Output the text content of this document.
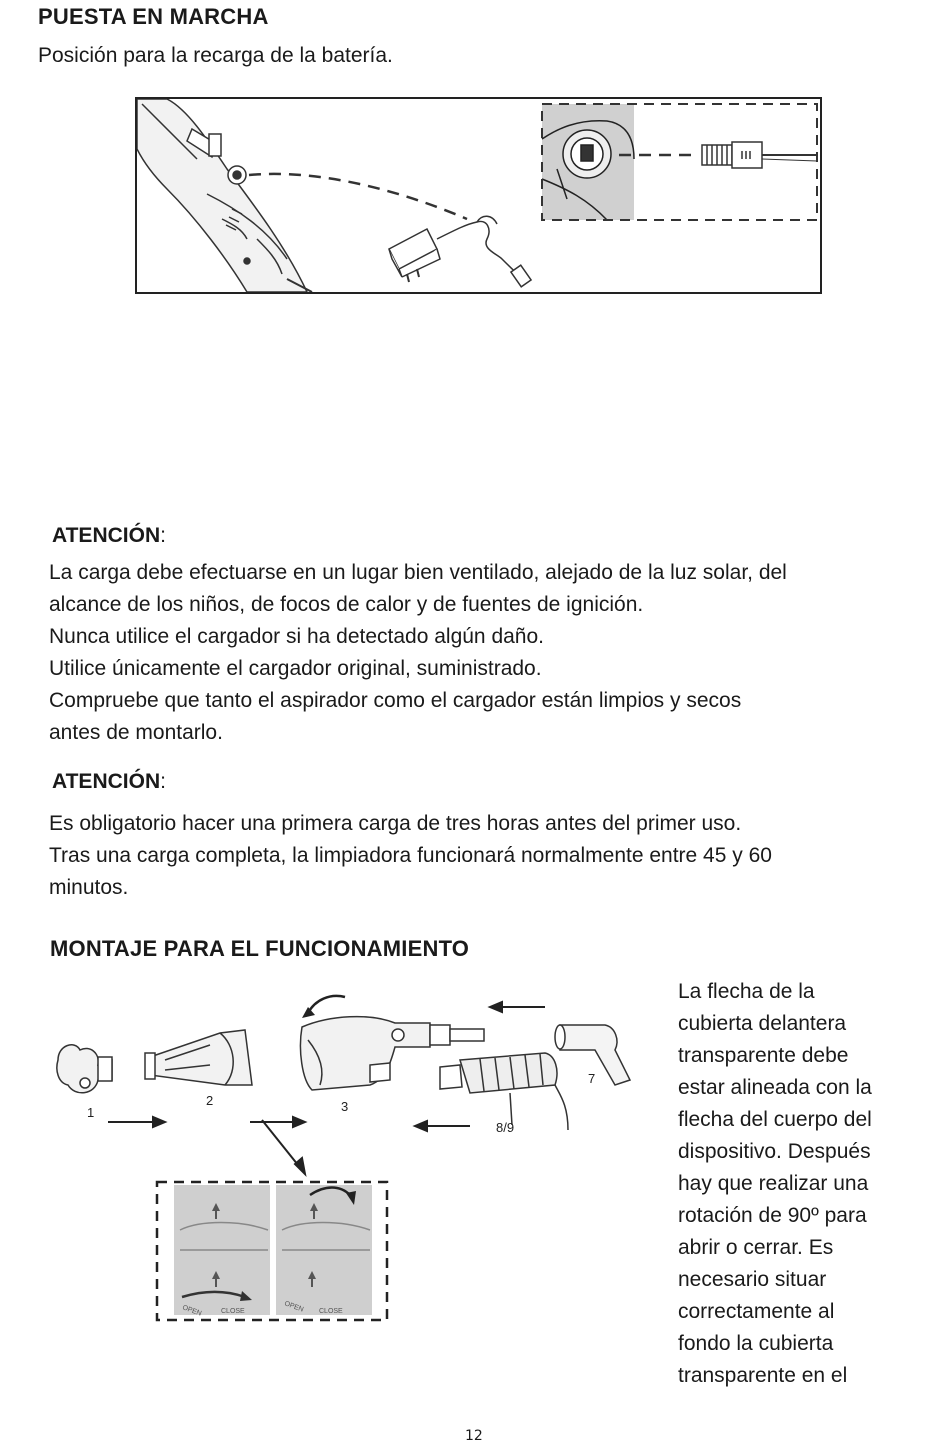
PUESTA EN MARCHA
Posición para la recarga de la batería.
ATENCIÓN:
La carga debe efectuarse en un lugar bien ventilado, alejado de la luz solar, del
alcance de los niños, de focos de calor y de fuentes de ignición.
Nunca utilice el cargador si ha detectado algún daño.
Utilice únicamente el cargador original, suministrado.
Compruebe que tanto el aspirador como el cargador están limpios y secos
antes de montarlo.
ATENCIÓN:
Es obligatorio hacer una primera carga de tres horas antes del primer uso.
Tras una carga completa, la limpiadora funcionará normalmente entre 45 y 60
minutos.
MONTAJE PARA EL FUNCIONAMIENTO
1
2	3
8/9
7
OPEN	CLOSE	OPEN CLOSE
La flecha de la
cubierta delantera
transparente debe
estar alineada con la
flecha del cuerpo del
dispositivo. Después
hay que realizar una
rotación de 90º para
abrir o cerrar. Es
necesario situar
correctamente al
fondo la cubierta
transparente en el
12
